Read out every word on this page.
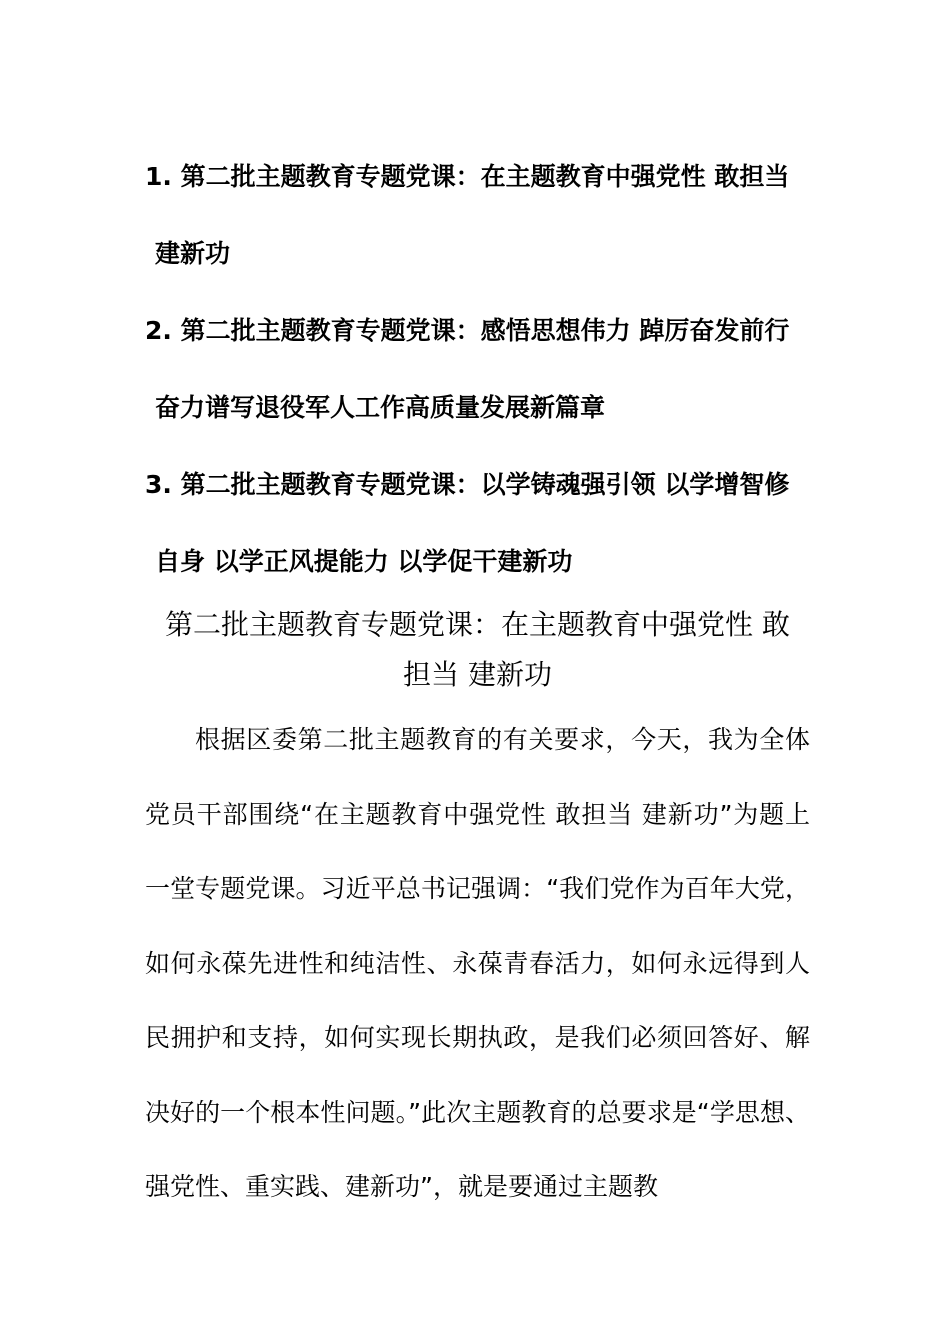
1. 第二批主题教育专题党课：在主题教育中强党性 敢担当
建新功

2. 第二批主题教育专题党课：感悟思想伟力 踔厉奋发前行
奋力谱写退役军人工作高质量发展新篇章

3. 第二批主题教育专题党课：以学铸魂强引领 以学增智修
自身 以学正风提能力 以学促干建新功

第二批主题教育专题党课：在主题教育中强党性 敢
担当 建新功

根据区委第二批主题教育的有关要求，今天，我为全体党员干部围绕“在主题教育中强党性 敢担当 建新功”为题上一堂专题党课。习近平总书记强调：“我们党作为百年大党，如何永葆先进性和纯洁性、永葆青春活力，如何永远得到人民拥护和支持，如何实现长期执政，是我们必须回答好、解决好的一个根本性问题。”此次主题教育的总要求是“学思想、强党性、重实践、建新功”，就是要通过主题教
